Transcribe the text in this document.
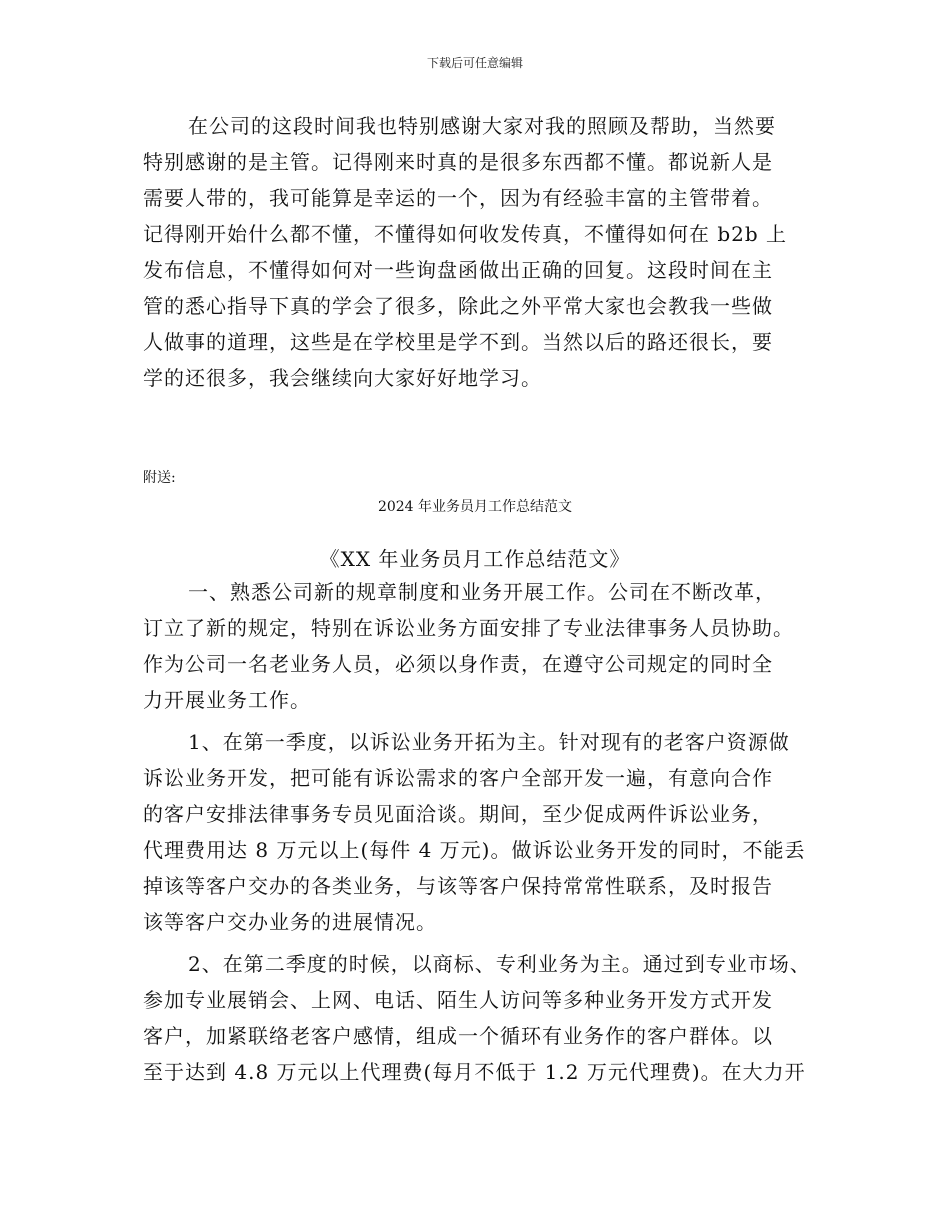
下载后可任意编辑
在公司的这段时间我也特别感谢大家对我的照顾及帮助，当然要
特别感谢的是主管。记得刚来时真的是很多东西都不懂。都说新人是
需要人带的，我可能算是幸运的一个，因为有经验丰富的主管带着。
记得刚开始什么都不懂，不懂得如何收发传真，不懂得如何在 b2b 上
发布信息，不懂得如何对一些询盘函做出正确的回复。这段时间在主
管的悉心指导下真的学会了很多，除此之外平常大家也会教我一些做
人做事的道理，这些是在学校里是学不到。当然以后的路还很长，要
学的还很多，我会继续向大家好好地学习。
附送:
2024 年业务员月工作总结范文
《XX 年业务员月工作总结范文》
一、熟悉公司新的规章制度和业务开展工作。公司在不断改革，
订立了新的规定，特别在诉讼业务方面安排了专业法律事务人员协助。
作为公司一名老业务人员，必须以身作责，在遵守公司规定的同时全
力开展业务工作。
1、在第一季度，以诉讼业务开拓为主。针对现有的老客户资源做
诉讼业务开发，把可能有诉讼需求的客户全部开发一遍，有意向合作
的客户安排法律事务专员见面洽谈。期间，至少促成两件诉讼业务，
代理费用达 8 万元以上(每件 4 万元)。做诉讼业务开发的同时，不能丢
掉该等客户交办的各类业务，与该等客户保持常常性联系，及时报告
该等客户交办业务的进展情况。
2、在第二季度的时候，以商标、专利业务为主。通过到专业市场、
参加专业展销会、上网、电话、陌生人访问等多种业务开发方式开发
客户，加紧联络老客户感情，组成一个循环有业务作的客户群体。以
至于达到 4.8 万元以上代理费(每月不低于 1.2 万元代理费)。在大力开
